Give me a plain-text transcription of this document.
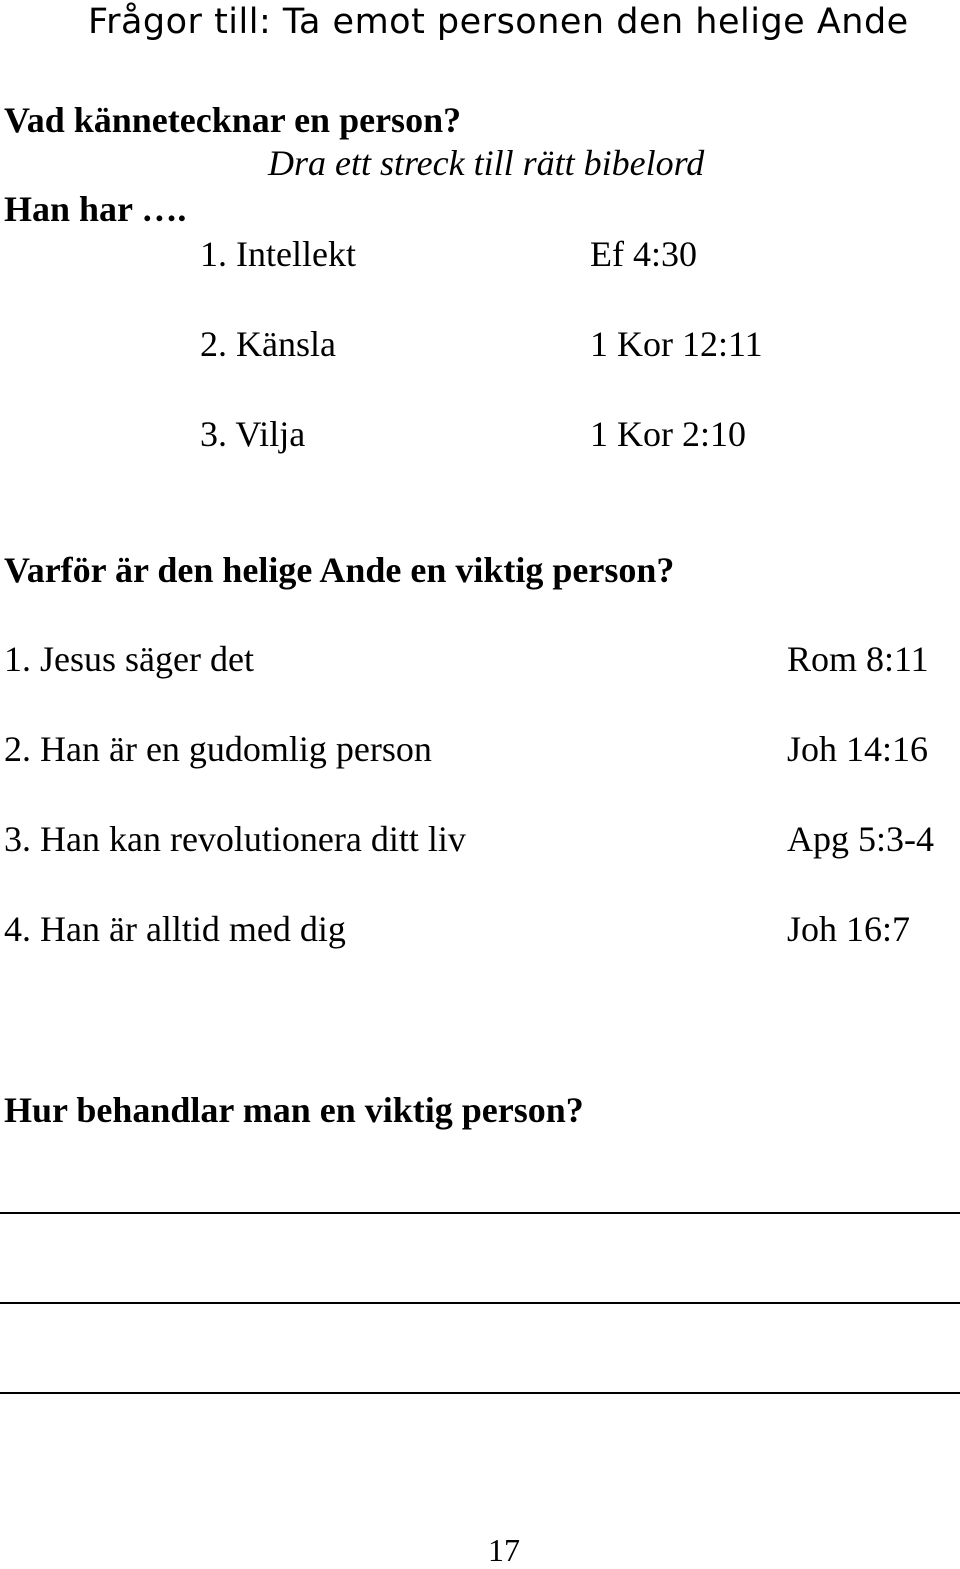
Frågor till: Ta emot personen den helige Ande
Vad kännetecknar en person?
Dra ett streck till rätt bibelord
Han har ….
1. Intellekt	Ef 4:30
2. Känsla	1 Kor 12:11
3. Vilja	1 Kor 2:10
Varför är den helige Ande en viktig person?
1. Jesus säger det	Rom 8:11
2. Han är en gudomlig person	Joh 14:16
3. Han kan revolutionera ditt liv	Apg 5:3-4
4. Han är alltid med dig	Joh 16:7
Hur behandlar man en viktig person?
17
